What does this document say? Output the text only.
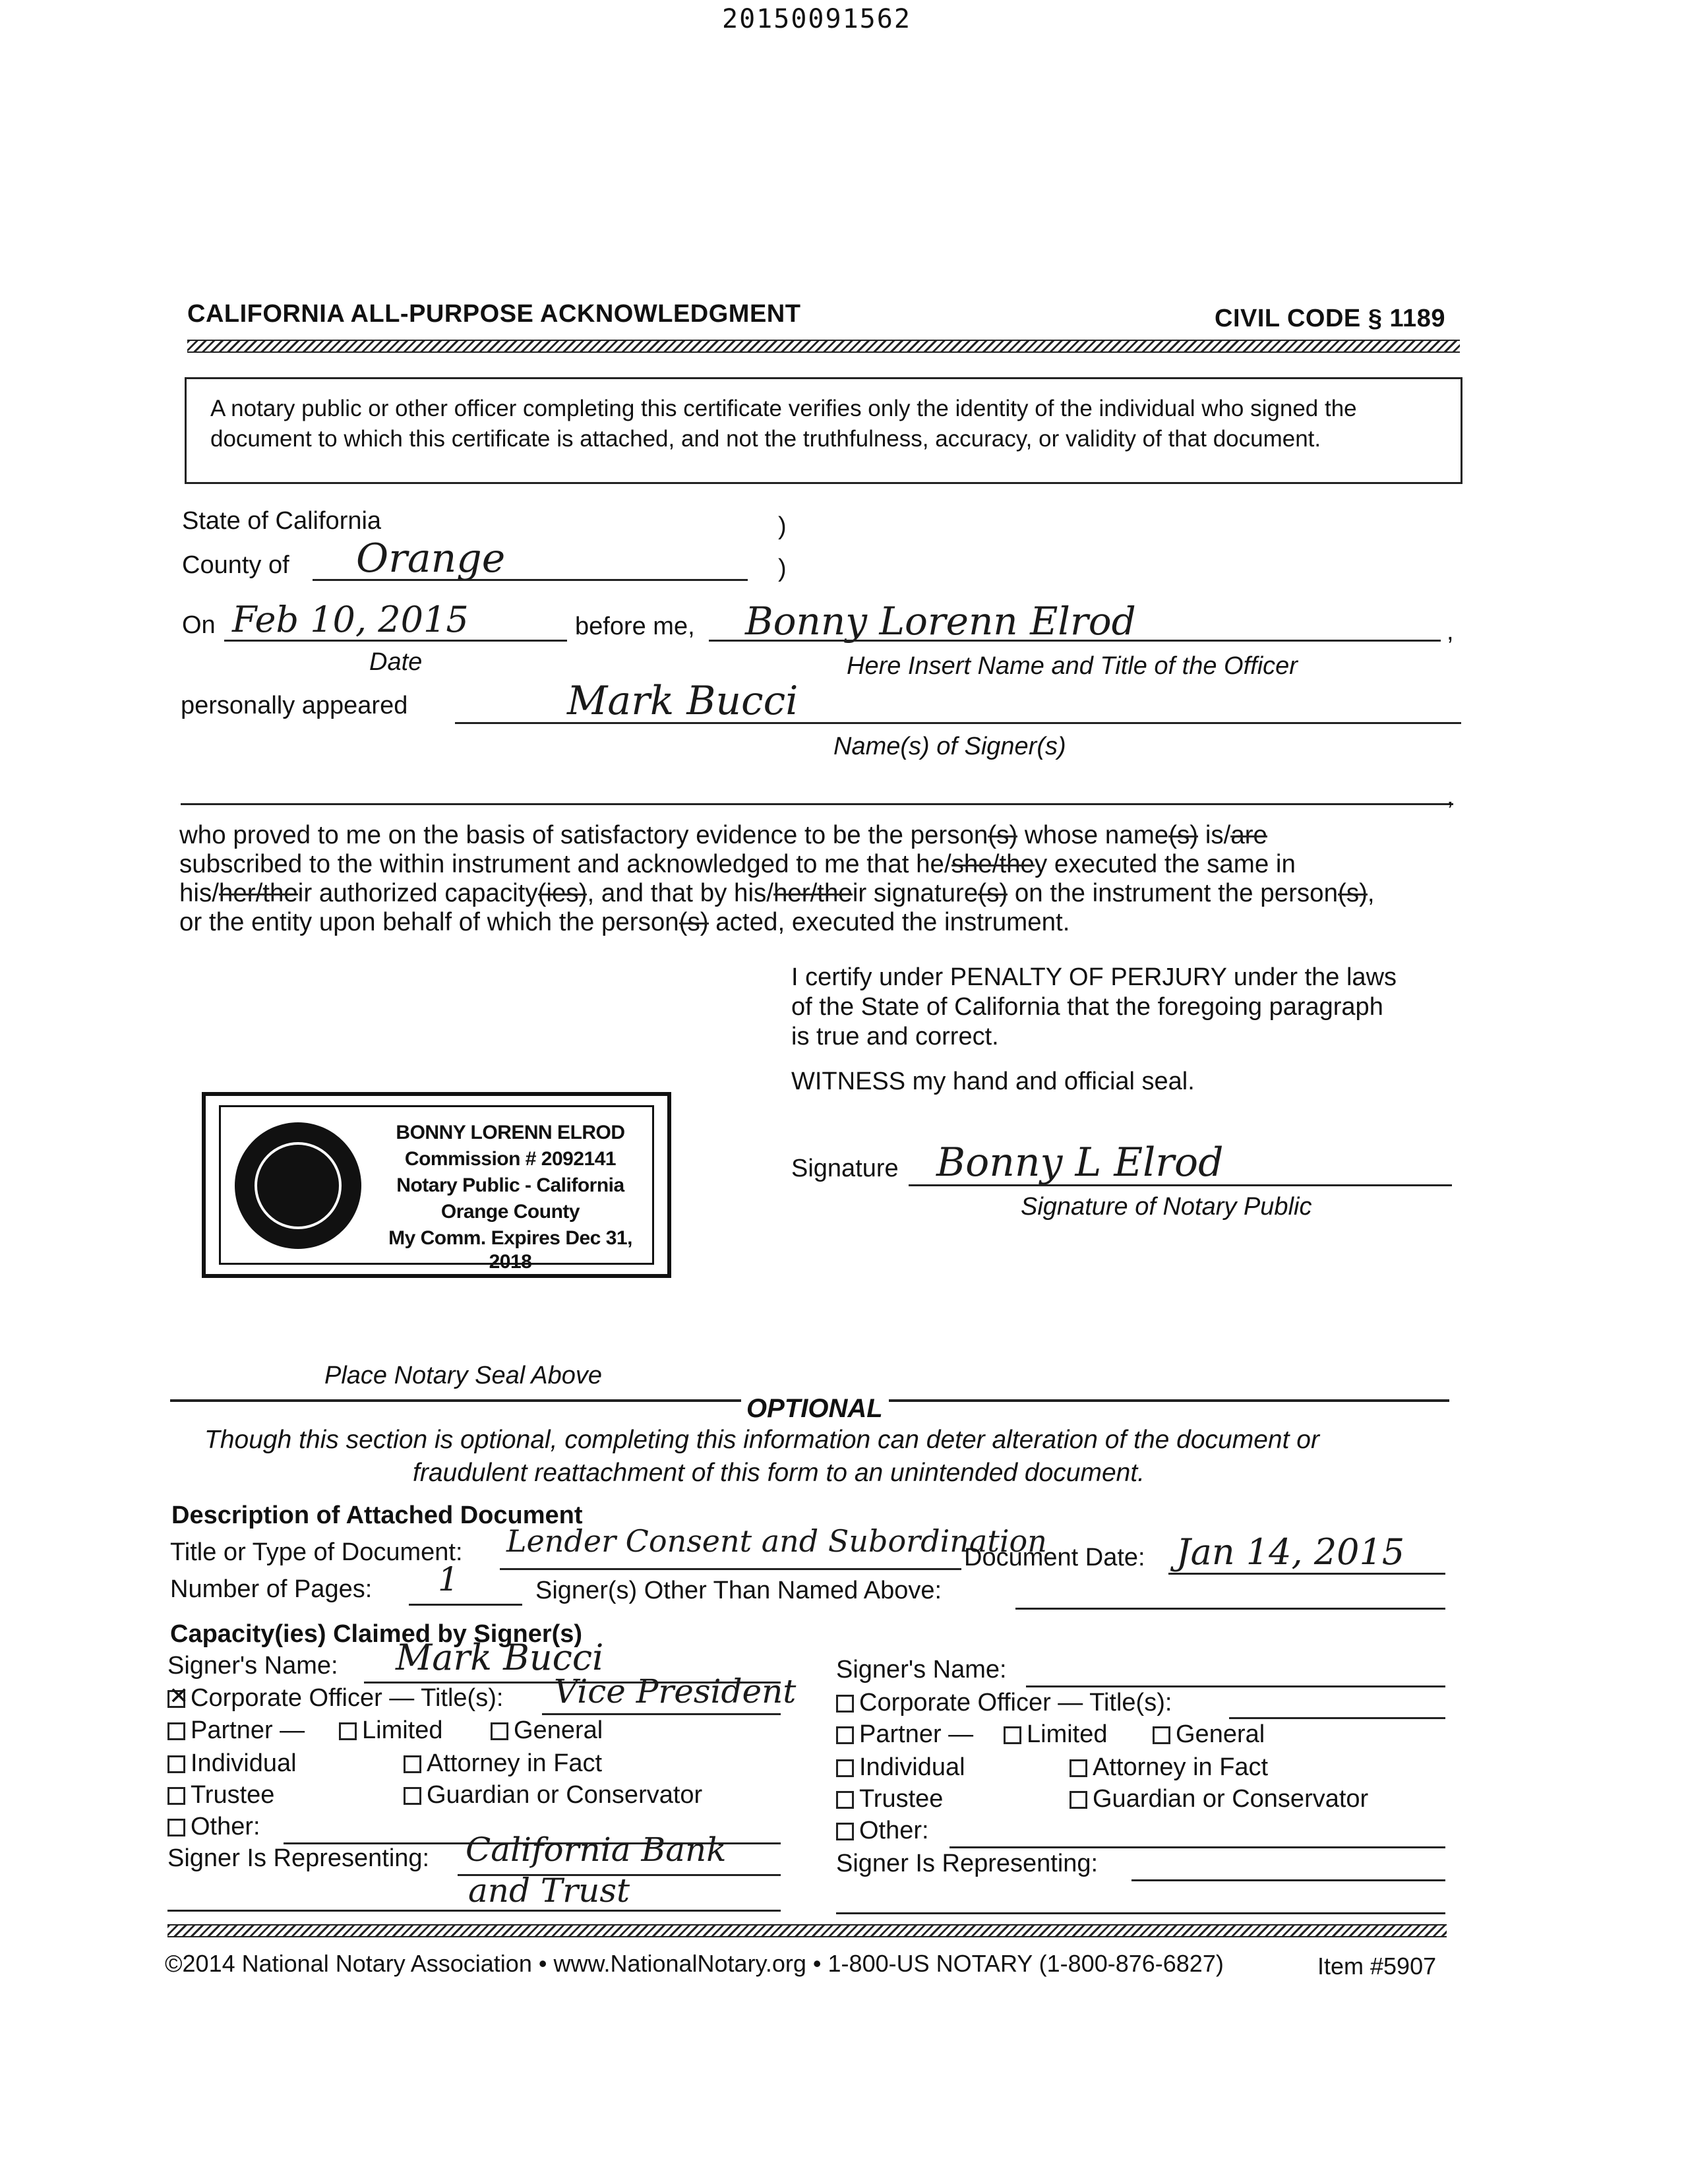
20150091562
CALIFORNIA ALL-PURPOSE ACKNOWLEDGMENT	CIVIL CODE § 1189
A notary public or other officer completing this certificate verifies only the identity of the individual who signed the document to which this certificate is attached, and not the truthfulness, accuracy, or validity of that document.
State of California	)
County of Orange	)
On Feb 10, 2015
Date
before me, Bonny Lorenn Elrod	,
Here Insert Name and Title of the Officer
personally appeared	Mark Bucci
Name(s) of Signer(s)
,
who proved to me on the basis of satisfactory evidence to be the person(s) whose name(s) is/are
subscribed to the within instrument and acknowledged to me that he/she/they executed the same in
his/her/their authorized capacity(ies), and that by his/her/their signature(s) on the instrument the person(s),
or the entity upon behalf of which the person(s) acted, executed the instrument.
I certify under PENALTY OF PERJURY under the laws
of the State of California that the foregoing paragraph
is true and correct.
WITNESS my hand and official seal.
Signature Bonny L Elrod
Signature of Notary Public
BONNY LORENN ELROD
Commission # 2092141
Notary Public - California
Orange County
My Comm. Expires Dec 31, 2018
Place Notary Seal Above
OPTIONAL
Though this section is optional, completing this information can deter alteration of the document or
fraudulent reattachment of this form to an unintended document.
Description of Attached Document
Title or Type of Document: Lender Consent and Subordination
Document Date: Jan 14, 2015
Number of Pages: 1	Signer(s) Other Than Named Above:
Capacity(ies) Claimed by Signer(s)
Signer's Name: Mark Bucci
✕Corporate Officer — Title(s): Vice President
Partner —	Limited	General
Individual	Attorney in Fact
Trustee	Guardian or Conservator
Other:
Signer Is Representing: California Bank
and Trust
Signer's Name:
Corporate Officer — Title(s):
Partner —	Limited	General
Individual	Attorney in Fact
Trustee	Guardian or Conservator
Other:
Signer Is Representing:
©2014 National Notary Association • www.NationalNotary.org • 1-800-US NOTARY (1-800-876-6827)	Item #5907
